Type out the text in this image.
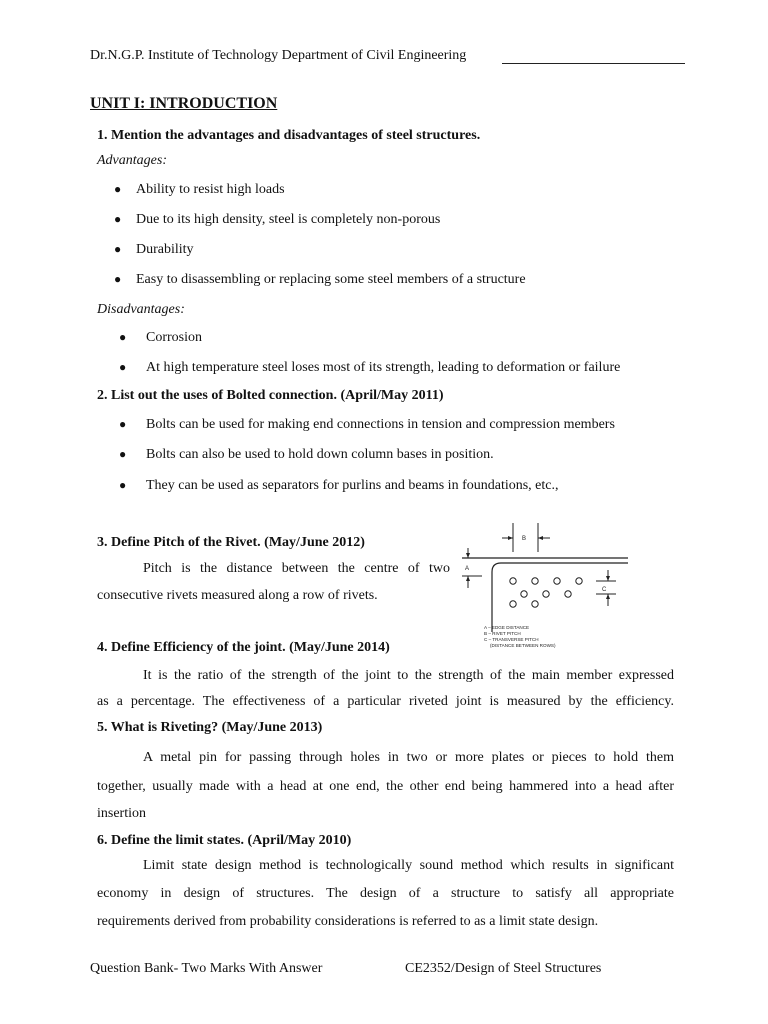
Dr.N.G.P. Institute of Technology Department of Civil Engineering
UNIT I: INTRODUCTION
1. Mention the advantages and disadvantages of steel structures.
Advantages:
● Ability to resist high loads
● Due to its high density, steel is completely non-porous
● Durability
● Easy to disassembling or replacing some steel members of a structure
Disadvantages:
● Corrosion
● At high temperature steel loses most of its strength, leading to deformation or failure
2. List out the uses of Bolted connection. (April/May 2011)
● Bolts can be used for making end connections in tension and compression members
● Bolts can also be used to hold down column bases in position.
● They can be used as separators for purlins and beams in foundations, etc.,
3. Define Pitch of the Rivet. (May/June 2012)
Pitch is the distance between the centre of two
consecutive rivets measured along a row of rivets.
B
A
C
A – EDGE DISTANCE
B – RIVET PITCH
C – TRANSVERSE PITCH
(DISTANCE BETWEEN ROWS)
4. Define Efficiency of the joint. (May/June 2014)
It is the ratio of the strength of the joint to the strength of the main member expressed
as a percentage. The effectiveness of a particular riveted joint is measured by the efficiency.
5. What is Riveting? (May/June 2013)
A metal pin for passing through holes in two or more plates or pieces to hold them
together, usually made with a head at one end, the other end being hammered into a head after
insertion
6. Define the limit states. (April/May 2010)
Limit state design method is technologically sound method which results in significant
economy in design of structures. The design of a structure to satisfy all appropriate
requirements derived from probability considerations is referred to as a limit state design.
Question Bank- Two Marks With Answer	CE2352/Design of Steel Structures
